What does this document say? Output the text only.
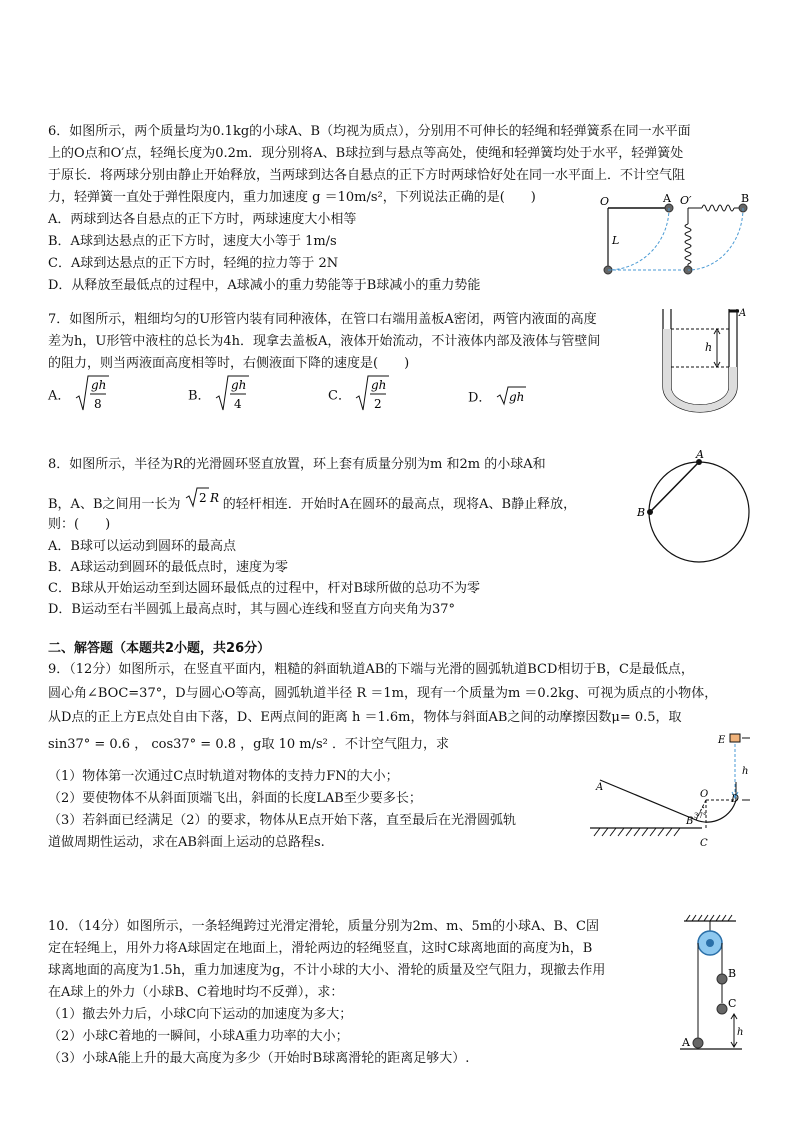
6．如图所示，两个质量均为0.1kg的小球A、B（均视为质点），分别用不可伸长的轻绳和轻弹簧系在同一水平面
上的O点和O′点，轻绳长度为0.2m．现分别将A、B球拉到与悬点等高处，使绳和轻弹簧均处于水平，轻弹簧处
于原长．将两球分别由静止开始释放，当两球到达各自悬点的正下方时两球恰好处在同一水平面上．不计空气阻
力，轻弹簧一直处于弹性限度内，重力加速度 g ＝10m/s²，下列说法正确的是(　　)
A．两球到达各自悬点的正下方时，两球速度大小相等
B．A球到达悬点的正下方时，速度大小等于 1m/s
C．A球到达悬点的正下方时，轻绳的拉力等于 2N
D．从释放至最低点的过程中，A球减小的重力势能等于B球减小的重力势能
O	A O′	B
L
7．如图所示，粗细均匀的U形管内装有同种液体，在管口右端用盖板A密闭，两管内液面的高度
差为h，U形管中液柱的总长为4h．现拿去盖板A，液体开始流动，不计液体内部及液体与管壁间
的阻力，则当两液面高度相等时，右侧液面下降的速度是(　　)
A．
gh
8
B．
gh
4
C．
gh
2	D． gh
A
h
8．如图所示，半径为R的光滑圆环竖直放置，环上套有质量分别为m 和2m 的小球A和
B，A、B之间用一长为 2 R 的轻杆相连．开始时A在圆环的最高点，现将A、B静止释放，
则：(　　)
A．B球可以运动到圆环的最高点
B．A球运动到圆环的最低点时，速度为零
C．B球从开始运动至到达圆环最低点的过程中，杆对B球所做的总功不为零
D．B运动至右半圆弧上最高点时，其与圆心连线和竖直方向夹角为37°
A
B
二、解答题（本题共2小题，共26分）
9．（12分）如图所示，在竖直平面内，粗糙的斜面轨道AB的下端与光滑的圆弧轨道BCD相切于B，C是最低点，
圆心角∠BOC=37°，D与圆心O等高，圆弧轨道半径 R ＝1m，现有一个质量为m ＝0.2kg、可视为质点的小物体，
从D点的正上方E点处自由下落，D、E两点间的距离 h ＝1.6m，物体与斜面AB之间的动摩擦因数μ= 0.5，取
sin37° = 0.6 ， cos37° = 0.8 ，g取 10 m/s² ．不计空气阻力，求
（1）物体第一次通过C点时轨道对物体的支持力FN的大小；
（2）要使物体不从斜面顶端飞出，斜面的长度LAB至少要多长；
（3）若斜面已经满足（2）的要求，物体从E点开始下落，直至最后在光滑圆弧轨
道做周期性运动，求在AB斜面上运动的总路程s.
E
h
A
O D
B
C
37°
10．（14分）如图所示，一条轻绳跨过光滑定滑轮，质量分别为2m、m、5m的小球A、B、C固
定在轻绳上，用外力将A球固定在地面上，滑轮两边的轻绳竖直，这时C球离地面的高度为h，B
球离地面的高度为1.5h，重力加速度为g，不计小球的大小、滑轮的质量及空气阻力，现撤去作用
在A球上的外力（小球B、C着地时均不反弹），求：
（1）撤去外力后，小球C向下运动的加速度为多大；
（2）小球C着地的一瞬间，小球A重力功率的大小；
（3）小球A能上升的最大高度为多少（开始时B球离滑轮的距离足够大）.
A
B
C
h
